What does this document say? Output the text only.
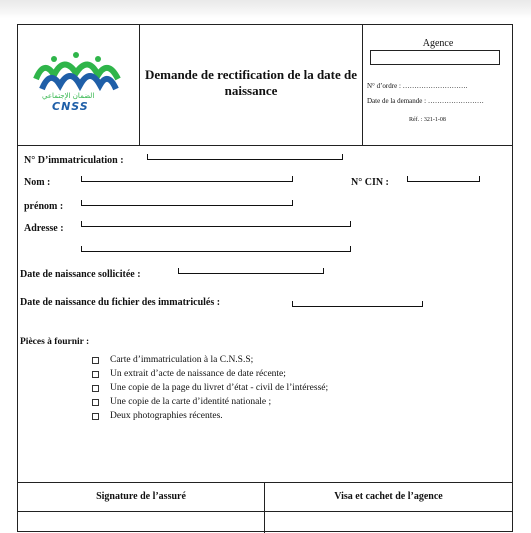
الضمان الإجتماعي
CNSS
Demande de rectification de la date de naissance
Agence
N° d’ordre : ……………………….
Date de la demande : ……………………
Réf. : 321-1-08
N° D’immatriculation :
Nom :	N° CIN :
prénom :
Adresse :
Date de naissance sollicitée :
Date de naissance du fichier des immatriculés :
Pièces à fournir :
Carte d’immatriculation à la C.N.S.S;
Un extrait d’acte de naissance de date récente;
Une copie de la page du livret d’état - civil de l’intéressé;
Une copie de la carte d’identité nationale ;
Deux photographies récentes.
Signature de l’assuré	Visa et cachet de l’agence
